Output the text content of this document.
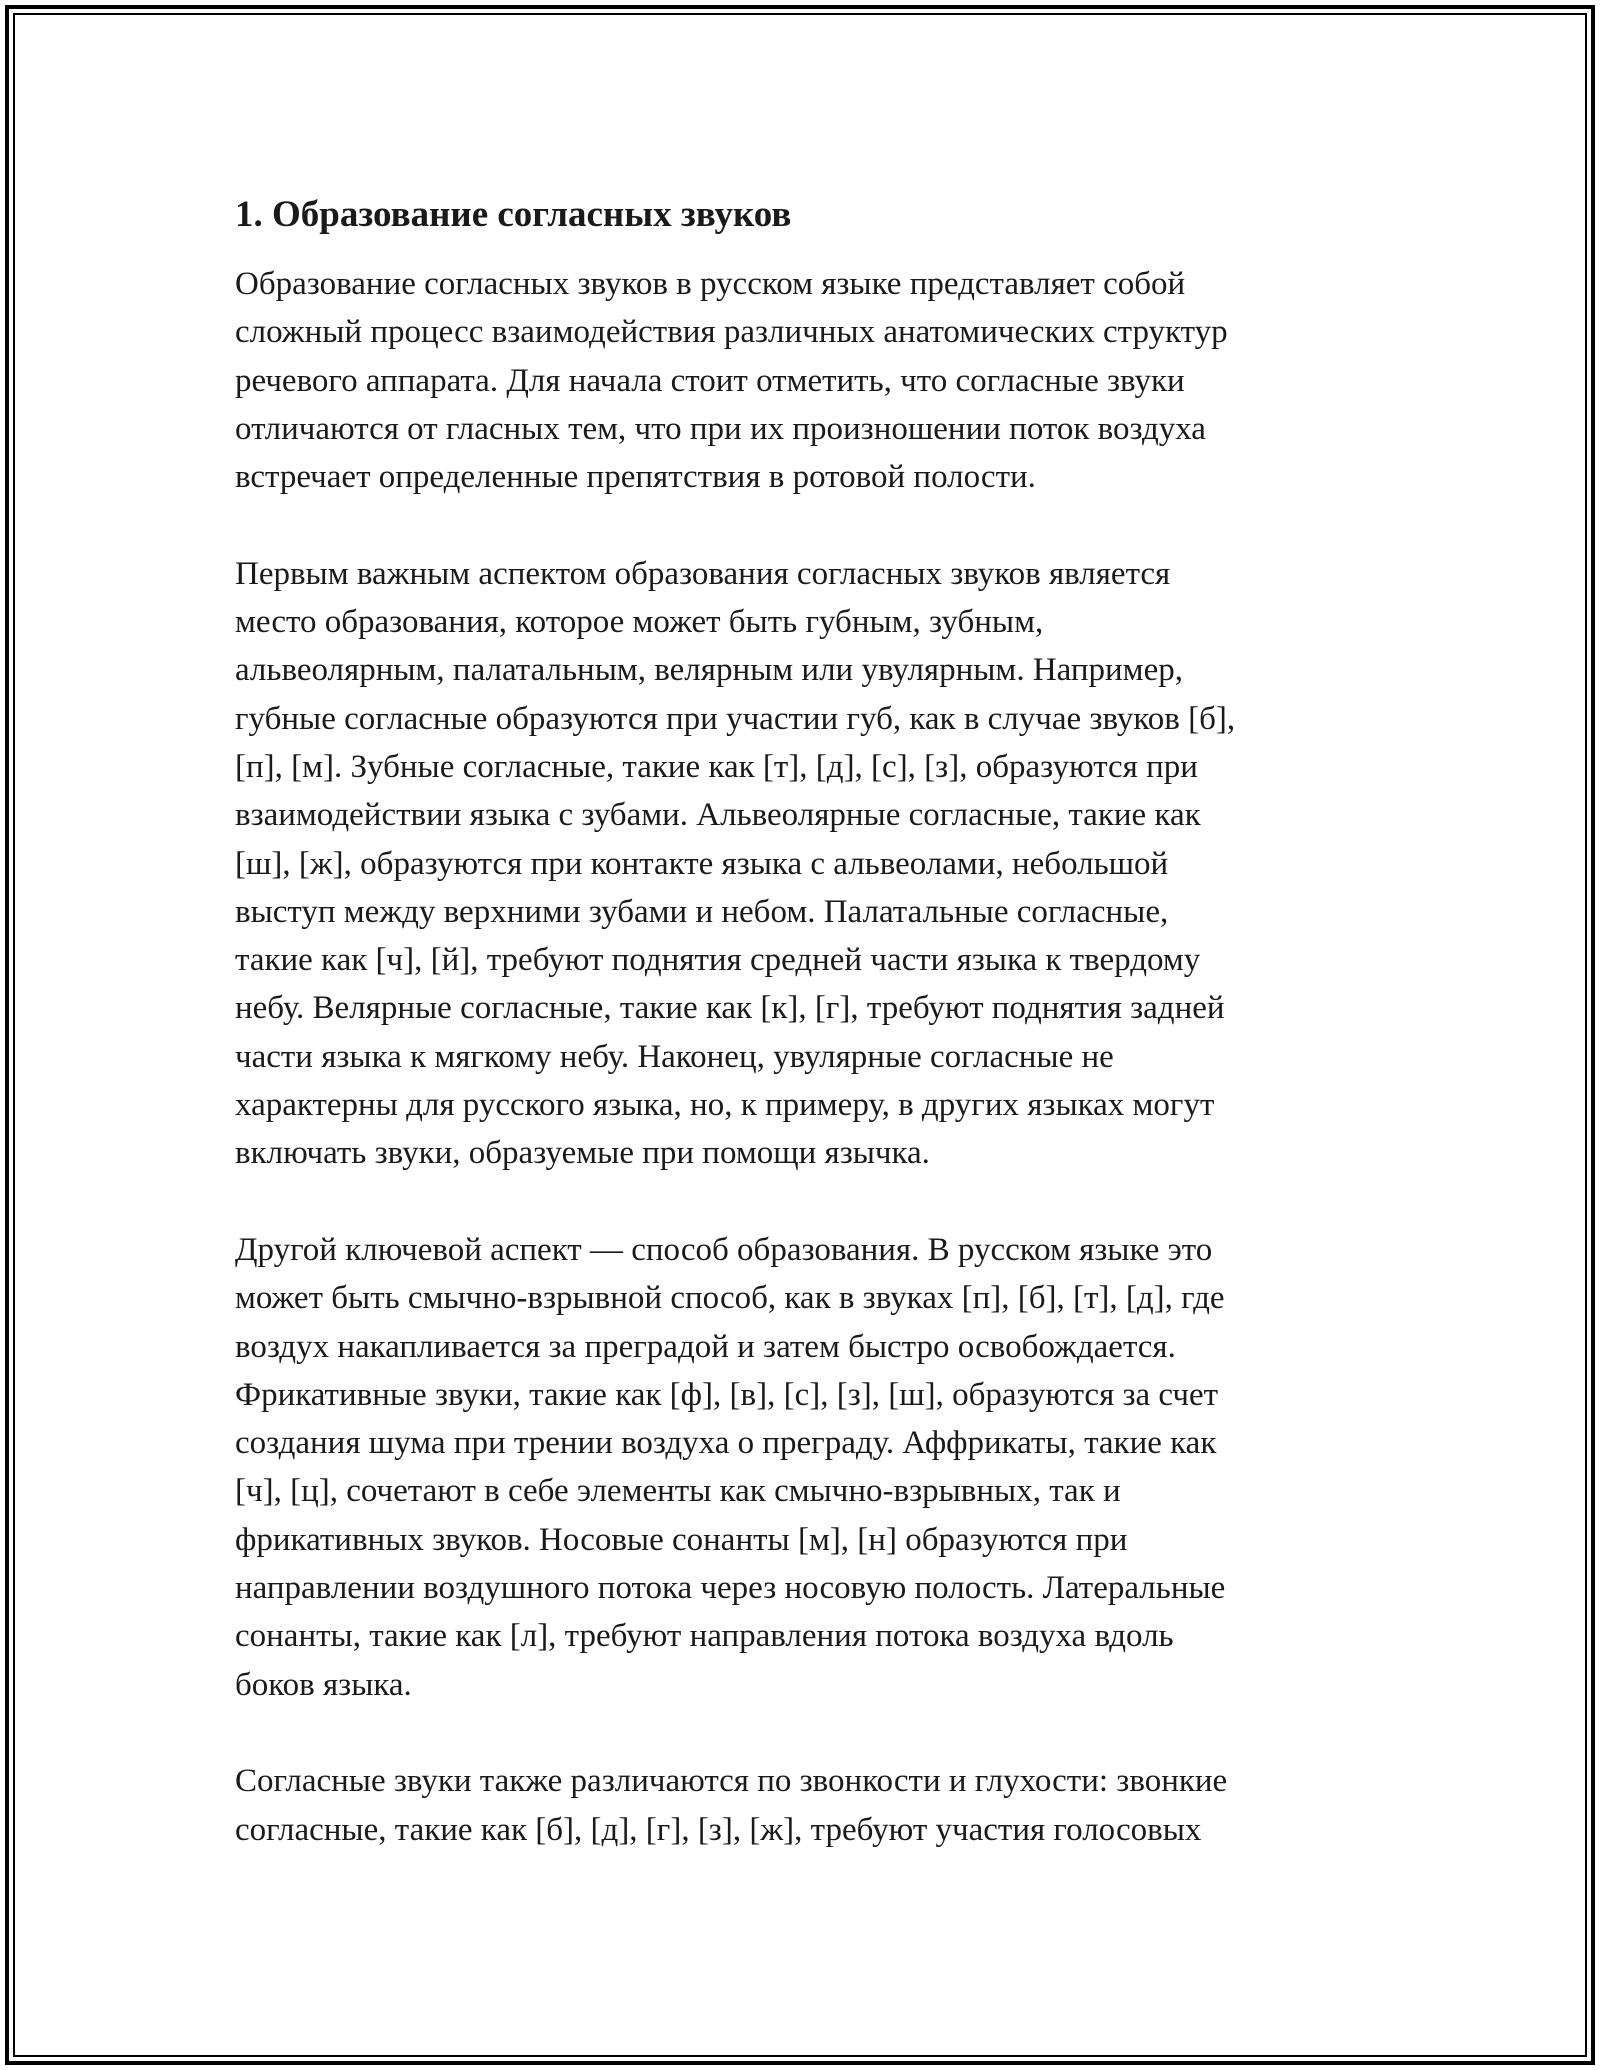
1. Образование согласных звуков
Образование согласных звуков в русском языке представляет собой
сложный процесс взаимодействия различных анатомических структур
речевого аппарата. Для начала стоит отметить, что согласные звуки
отличаются от гласных тем, что при их произношении поток воздуха
встречает определенные препятствия в ротовой полости.
Первым важным аспектом образования согласных звуков является
место образования, которое может быть губным, зубным,
альвеолярным, палатальным, велярным или увулярным. Например,
губные согласные образуются при участии губ, как в случае звуков [б],
[п], [м]. Зубные согласные, такие как [т], [д], [с], [з], образуются при
взаимодействии языка с зубами. Альвеолярные согласные, такие как
[ш], [ж], образуются при контакте языка с альвеолами, небольшой
выступ между верхними зубами и небом. Палатальные согласные,
такие как [ч], [й], требуют поднятия средней части языка к твердому
небу. Велярные согласные, такие как [к], [г], требуют поднятия задней
части языка к мягкому небу. Наконец, увулярные согласные не
характерны для русского языка, но, к примеру, в других языках могут
включать звуки, образуемые при помощи язычка.
Другой ключевой аспект — способ образования. В русском языке это
может быть смычно-взрывной способ, как в звуках [п], [б], [т], [д], где
воздух накапливается за преградой и затем быстро освобождается.
Фрикативные звуки, такие как [ф], [в], [с], [з], [ш], образуются за счет
создания шума при трении воздуха о преграду. Аффрикаты, такие как
[ч], [ц], сочетают в себе элементы как смычно-взрывных, так и
фрикативных звуков. Носовые сонанты [м], [н] образуются при
направлении воздушного потока через носовую полость. Латеральные
сонанты, такие как [л], требуют направления потока воздуха вдоль
боков языка.
Согласные звуки также различаются по звонкости и глухости: звонкие
согласные, такие как [б], [д], [г], [з], [ж], требуют участия голосовых
